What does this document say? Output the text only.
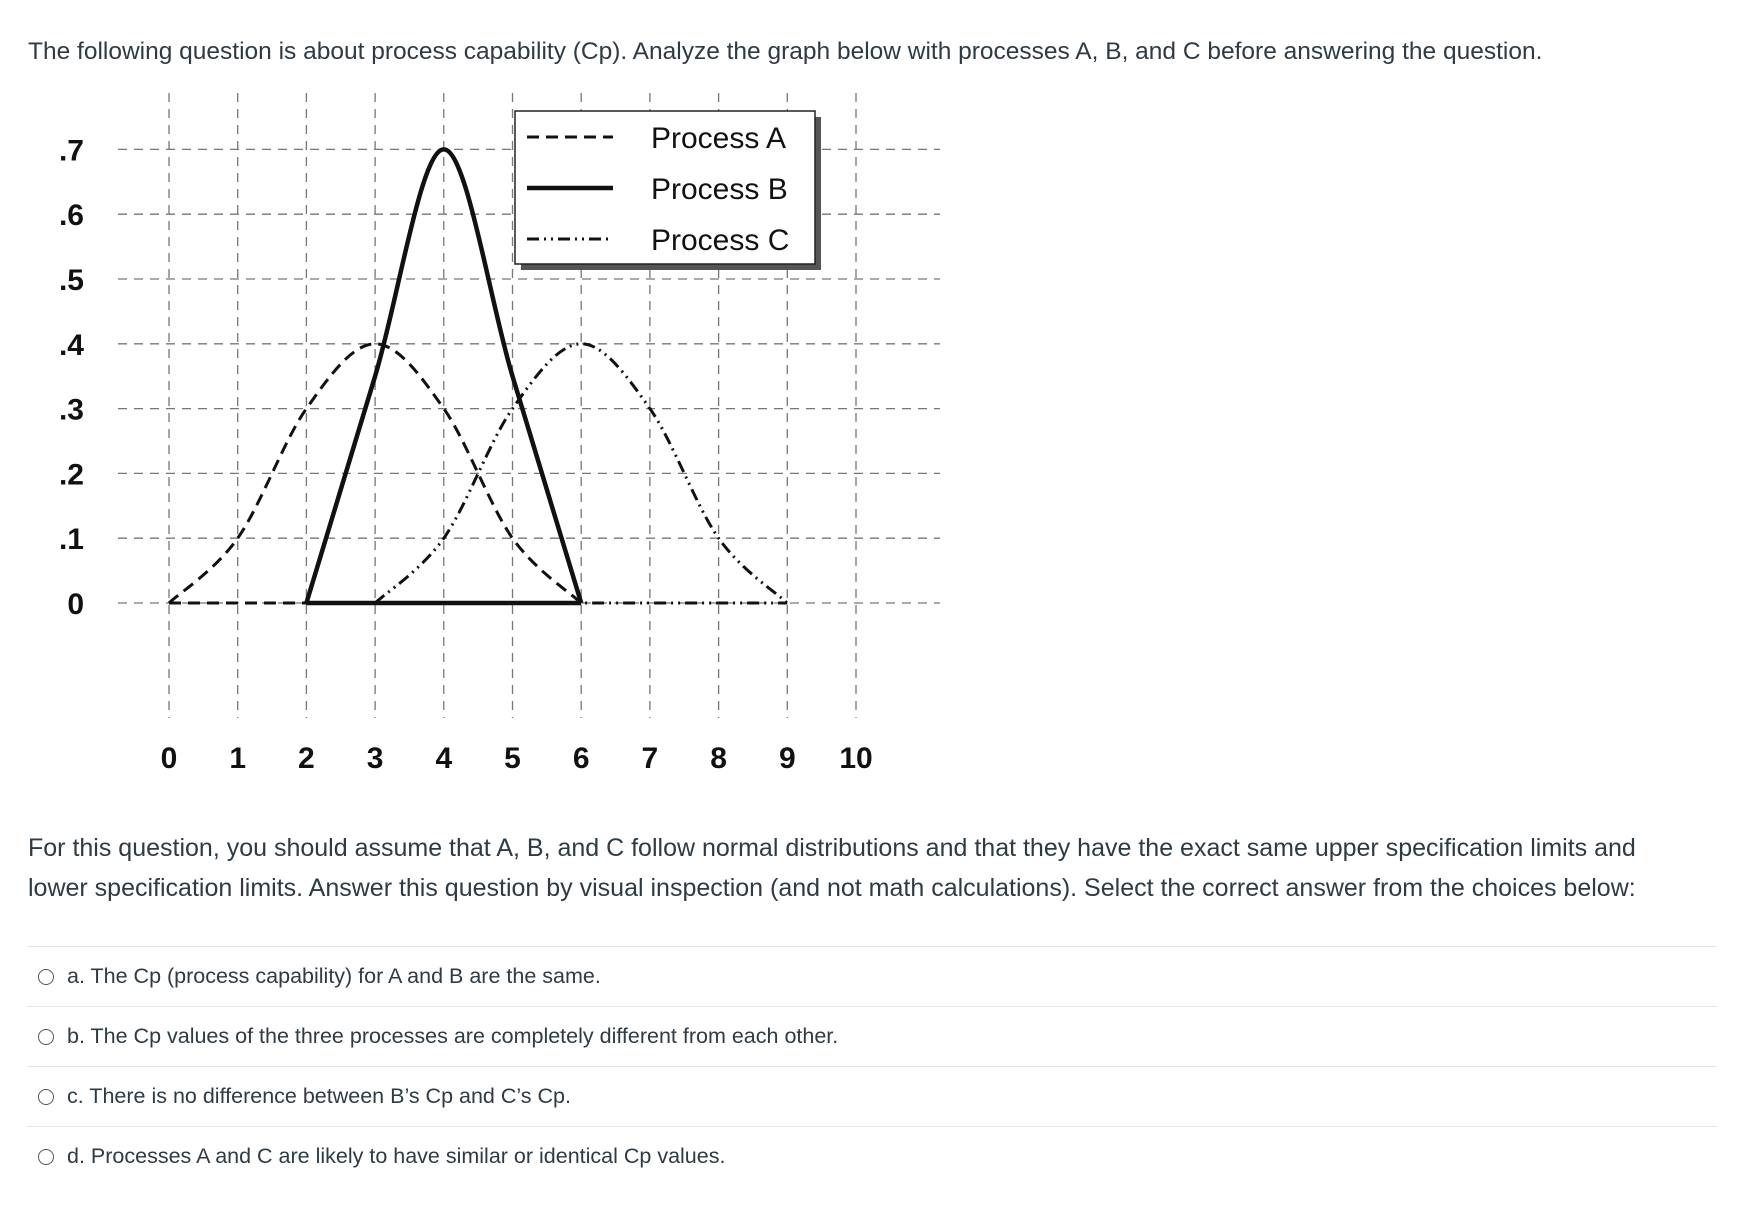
The following question is about process capability (Cp). Analyze the graph below with processes A, B, and C before answering the question.
0 1 2 3 4 5 6 7 8 9 10
0
.1
.2
.3
.4
.5
.6
.7	Process A
Process B
Process C
For this question, you should assume that A, B, and C follow normal distributions and that they have the exact same upper specification limits and
lower specification limits. Answer this question by visual inspection (and not math calculations). Select the correct answer from the choices below:
a. The Cp (process capability) for A and B are the same.
b. The Cp values of the three processes are completely different from each other.
c. There is no difference between B’s Cp and C’s Cp.
d. Processes A and C are likely to have similar or identical Cp values.
